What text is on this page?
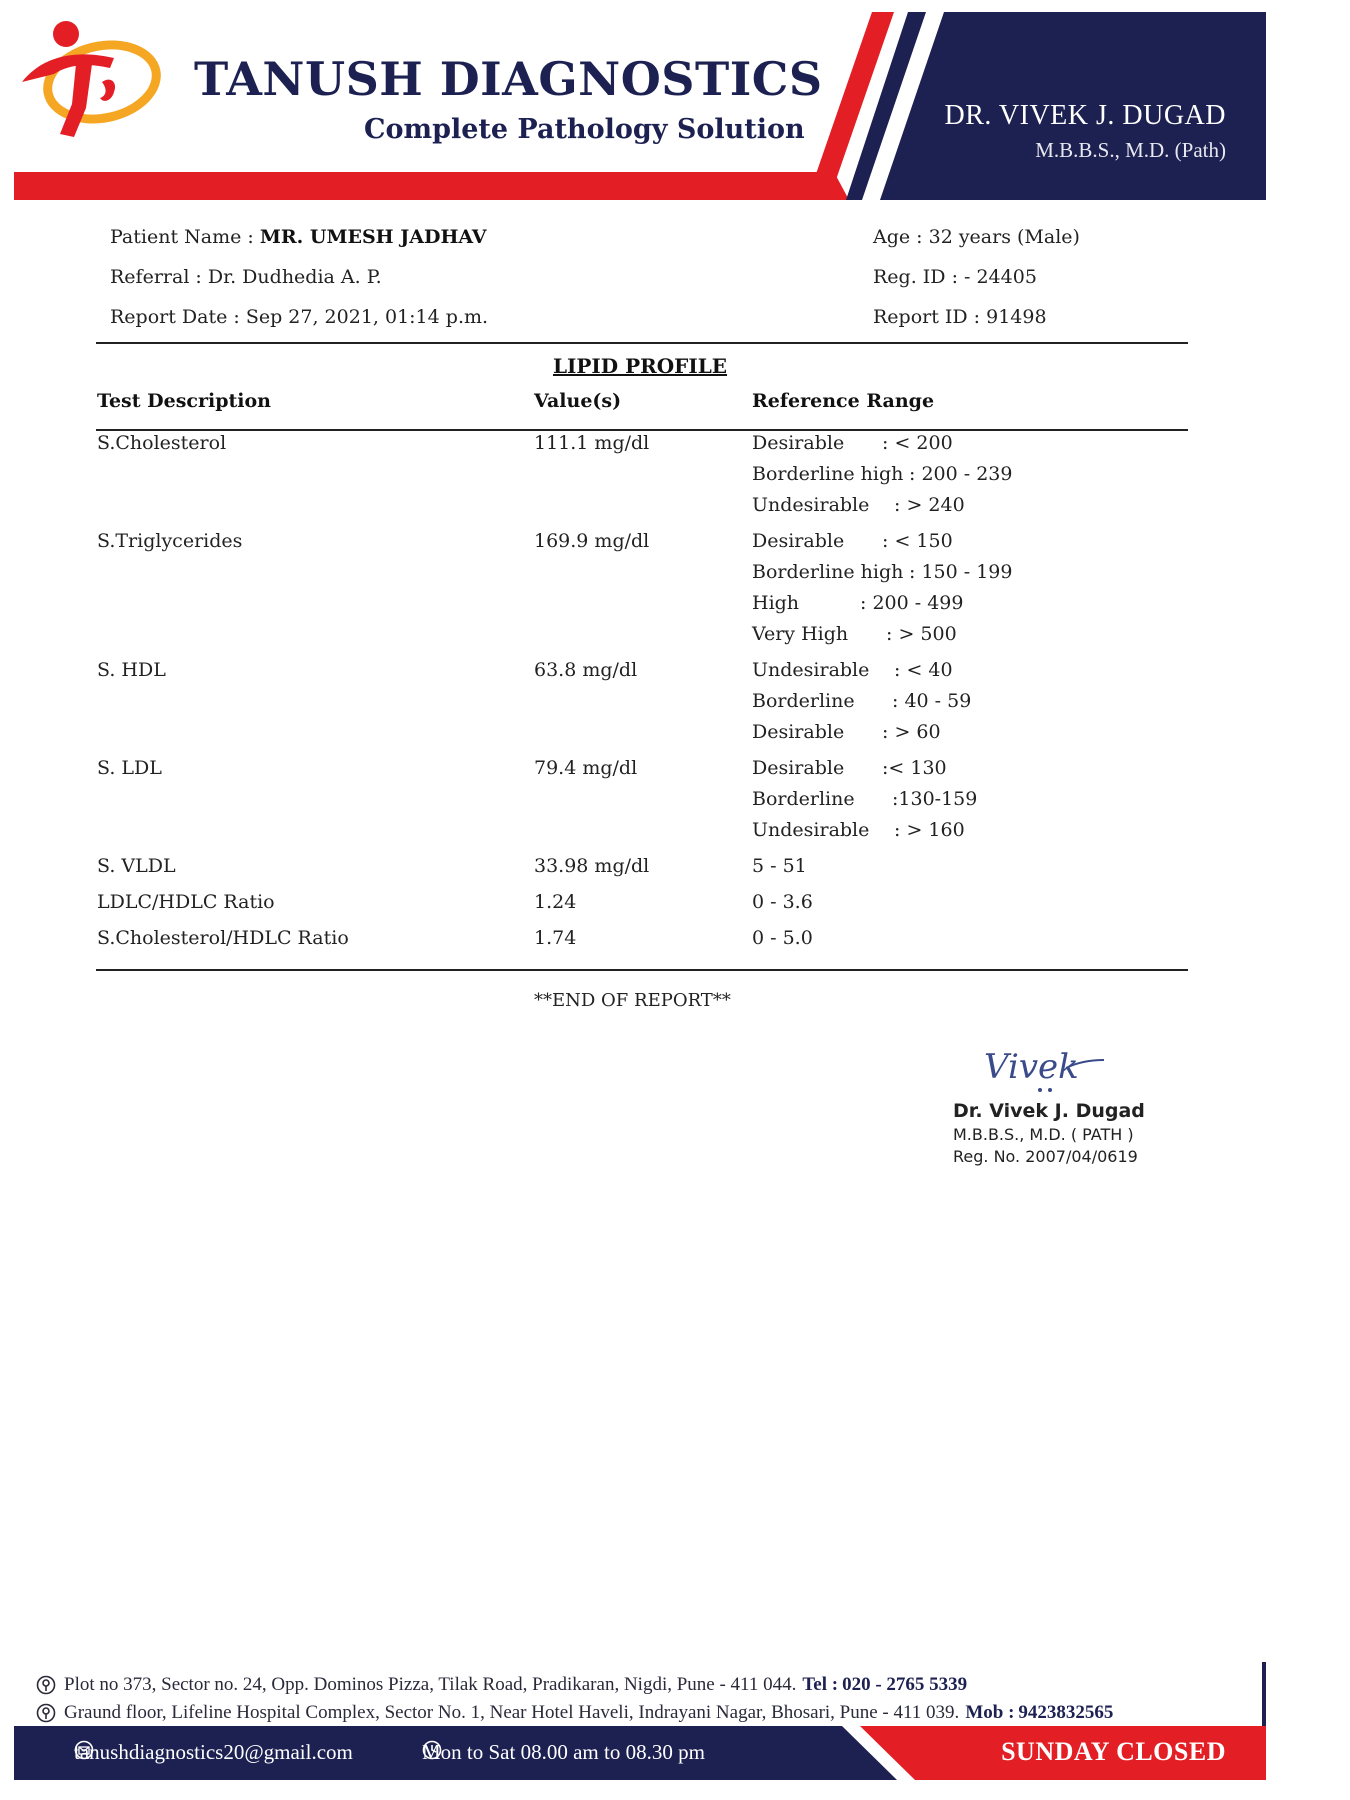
TANUSH DIAGNOSTICS
Complete Pathology Solution	DR. VIVEK J. DUGAD
M.B.B.S., M.D. (Path)
Patient Name : MR. UMESH JADHAV
Referral : Dr. Dudhedia A. P.
Report Date : Sep 27, 2021, 01:14 p.m.
Age : 32 years (Male)
Reg. ID : - 24405
Report ID : 91498
LIPID PROFILE
Test Description	Value(s)	Reference Range
S.Cholesterol	111.1 mg/dl	Desirable : < 200
Borderline high : 200 - 239
Undesirable : > 240
S.Triglycerides	169.9 mg/dl	Desirable : < 150
Borderline high : 150 - 199
High	: 200 - 499
Very High : > 500
S. HDL	63.8 mg/dl	Undesirable : < 40
Borderline : 40 - 59
Desirable : > 60
S. LDL	79.4 mg/dl	Desirable :< 130
Borderline :130-159
Undesirable : > 160
S. VLDL	33.98 mg/dl	5 - 51
LDLC/HDLC Ratio	1.24	0 - 3.6
S.Cholesterol/HDLC Ratio	1.74	0 - 5.0
**END OF REPORT**
Vivek
Dr. Vivek J. Dugad
M.B.B.S., M.D. ( PATH )
Reg. No. 2007/04/0619
Plot no 373, Sector no. 24, Opp. Dominos Pizza, Tilak Road, Pradikaran, Nigdi, Pune - 411 044. Tel : 020 - 2765 5339
Graund floor, Lifeline Hospital Complex, Sector No. 1, Near Hotel Haveli, Indrayani Nagar, Bhosari, Pune - 411 039. Mob : 9423832565
tanushdiagnostics20@gmail.com	Mon to Sat 08.00 am to 08.30 pm	SUNDAY CLOSED
